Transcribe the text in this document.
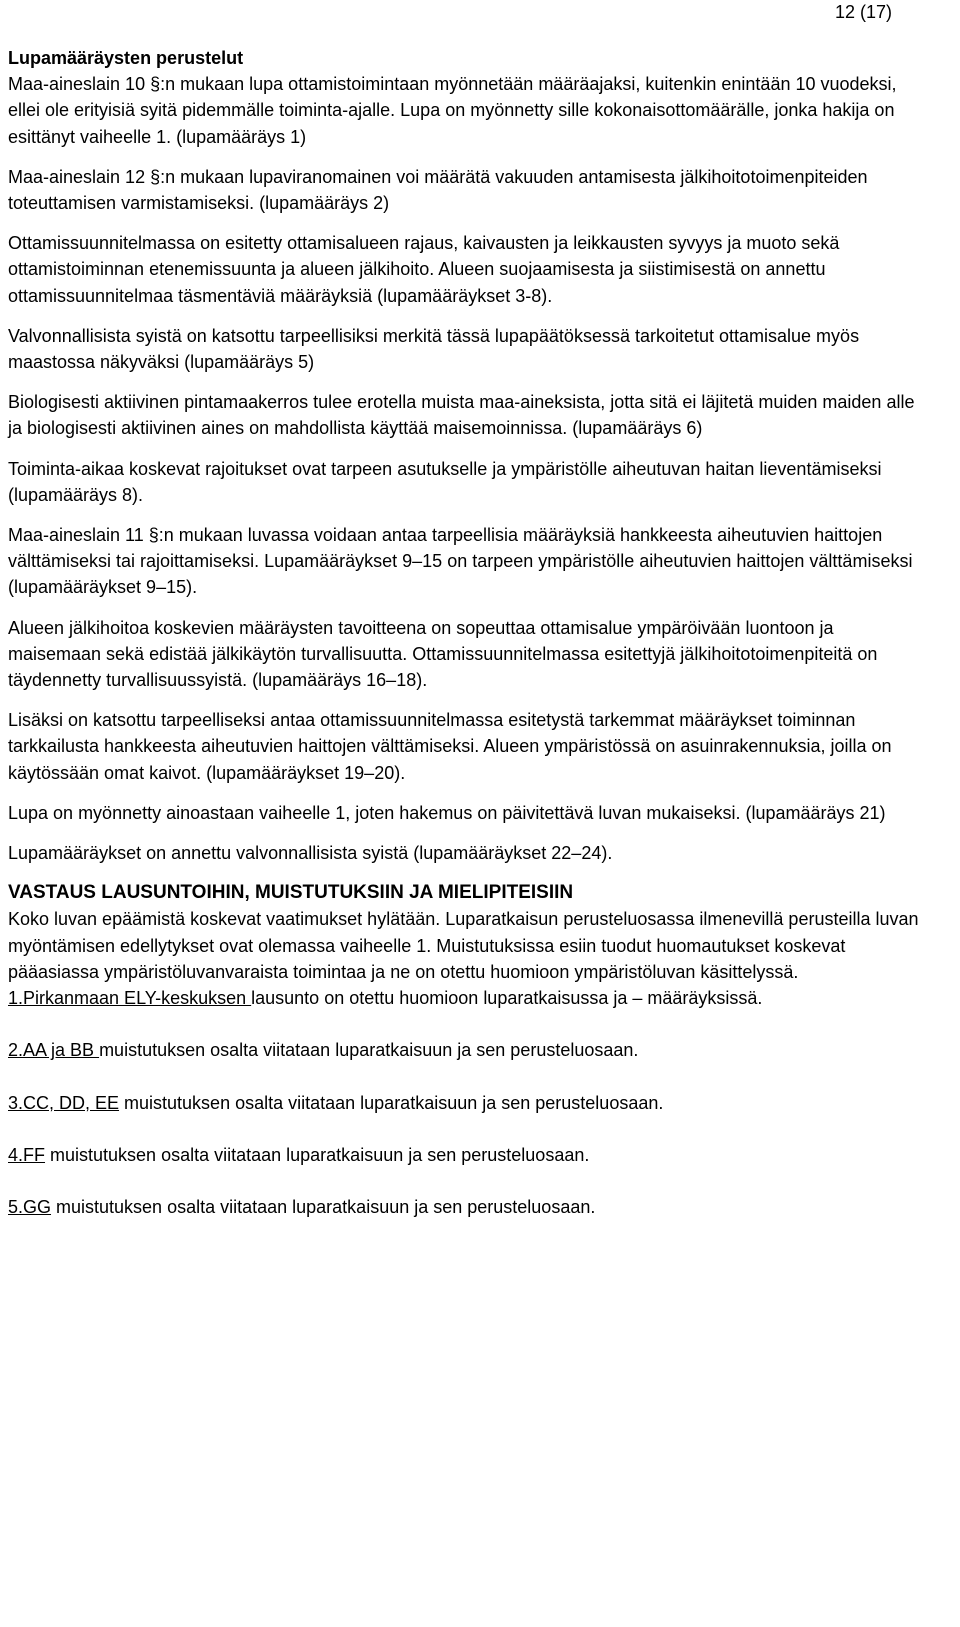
12 (17)
Lupamääräysten perustelut

Maa-aineslain 10 §:n mukaan lupa ottamistoimintaan myönnetään määräajaksi, kuitenkin enintään 10 vuodeksi, ellei ole erityisiä syitä pidemmälle toiminta-ajalle. Lupa on myönnetty sille kokonaisottomäärälle, jonka hakija on esittänyt vaiheelle 1. (lupamääräys 1)

Maa-aineslain 12 §:n mukaan lupaviranomainen voi määrätä vakuuden antamisesta jälkihoitotoimenpiteiden toteuttamisen varmistamiseksi. (lupamääräys 2)

Ottamissuunnitelmassa on esitetty ottamisalueen rajaus, kaivausten ja leikkausten syvyys ja muoto sekä ottamistoiminnan etenemissuunta ja alueen jälkihoito. Alueen suojaamisesta ja siistimisestä on annettu ottamissuunnitelmaa täsmentäviä määräyksiä (lupamääräykset 3-8).

Valvonnallisista syistä on katsottu tarpeellisiksi merkitä tässä lupapäätöksessä tarkoitetut ottamisalue myös maastossa näkyväksi (lupamääräys 5)

Biologisesti aktiivinen pintamaakerros tulee erotella muista maa-aineksista, jotta sitä ei läjitetä muiden maiden alle ja biologisesti aktiivinen aines on mahdollista käyttää maisemoinnissa. (lupamääräys 6)

Toiminta-aikaa koskevat rajoitukset ovat tarpeen asutukselle ja ympäristölle aiheutuvan haitan lieventämiseksi (lupamääräys 8).

Maa-aineslain 11 §:n mukaan luvassa voidaan antaa tarpeellisia määräyksiä hankkeesta aiheutuvien haittojen välttämiseksi tai rajoittamiseksi. Lupamääräykset 9–15 on tarpeen ympäristölle aiheutuvien haittojen välttämiseksi (lupamääräykset 9–15).

Alueen jälkihoitoa koskevien määräysten tavoitteena on sopeuttaa ottamisalue ympäröivään luontoon ja maisemaan sekä edistää jälkikäytön turvallisuutta. Ottamissuunnitelmassa esitettyjä jälkihoitotoimenpiteitä on täydennetty turvallisuussyistä. (lupamääräys 16–18).

Lisäksi on katsottu tarpeelliseksi antaa ottamissuunnitelmassa esitetystä tarkemmat määräykset toiminnan tarkkailusta hankkeesta aiheutuvien haittojen välttämiseksi. Alueen ympäristössä on asuinrakennuksia, joilla on käytössään omat kaivot. (lupamääräykset 19–20).

Lupa on myönnetty ainoastaan vaiheelle 1, joten hakemus on päivitettävä luvan mukaiseksi. (lupamääräys 21)

Lupamääräykset on annettu valvonnallisista syistä (lupamääräykset 22–24).

VASTAUS LAUSUNTOIHIN, MUISTUTUKSIIN JA MIELIPITEISIIN

Koko luvan epäämistä koskevat vaatimukset hylätään. Luparatkaisun perusteluosassa ilmenevillä perusteilla luvan myöntämisen edellytykset ovat olemassa vaiheelle 1. Muistutuksissa esiin tuodut huomautukset koskevat pääasiassa ympäristöluvanvaraista toimintaa ja ne on otettu huomioon ympäristöluvan käsittelyssä.

1.Pirkanmaan ELY-keskuksen lausunto on otettu huomioon luparatkaisussa ja – määräyksissä.

2.AA ja BB muistutuksen osalta viitataan luparatkaisuun ja sen perusteluosaan.

3.CC, DD, EE muistutuksen osalta viitataan luparatkaisuun ja sen perusteluosaan.

4.FF muistutuksen osalta viitataan luparatkaisuun ja sen perusteluosaan.

5.GG muistutuksen osalta viitataan luparatkaisuun ja sen perusteluosaan.
